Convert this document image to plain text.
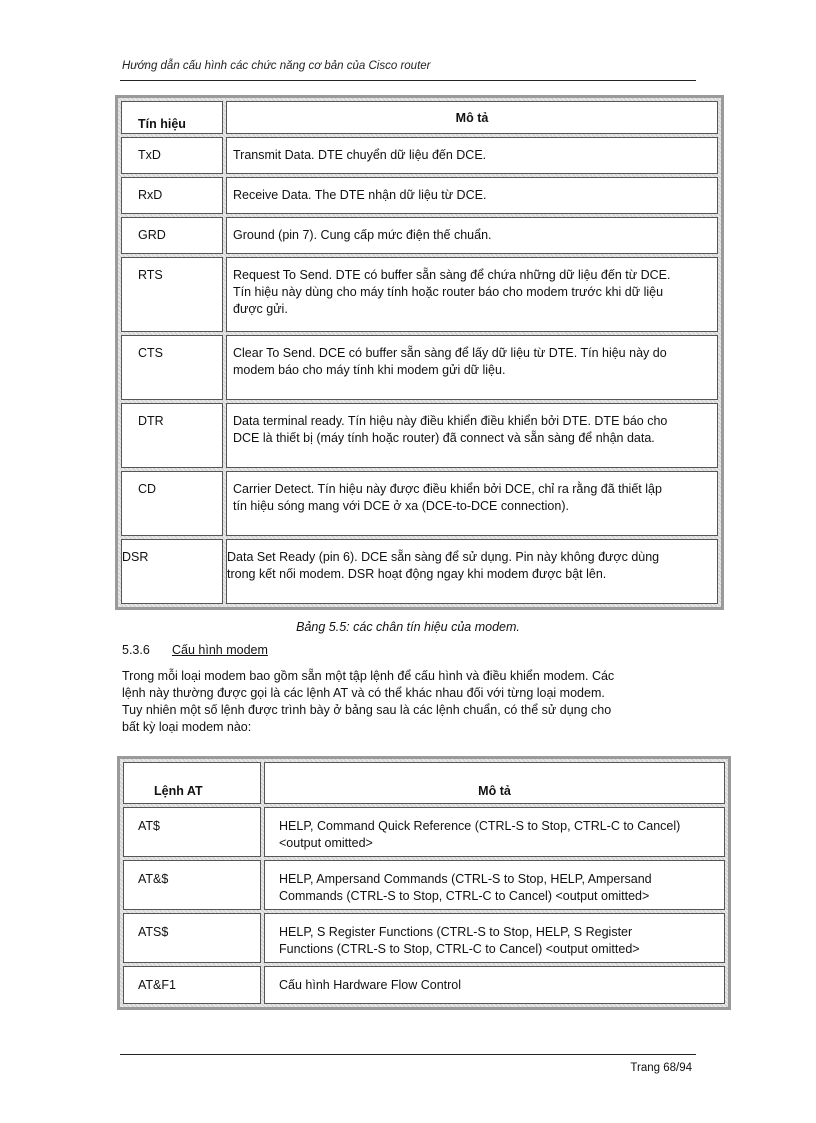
Hướng dẫn cấu hình các chức năng cơ bản của Cisco router
Tín hiệu	Mô tả
TxD	Transmit Data. DTE chuyển dữ liệu đến DCE.

RxD	Receive Data. The DTE nhận dữ liệu từ DCE.

GRD	Ground (pin 7). Cung cấp mức điện thế chuẩn.

RTS	Request To Send. DTE có buffer sẵn sàng để chứa những dữ liệu đến từ DCE.
Tín hiệu này dùng cho máy tính hoặc router báo cho modem trước khi dữ liệu
được gửi.

CTS	Clear To Send. DCE có buffer sẵn sàng để lấy dữ liệu từ DTE. Tín hiệu này do
modem báo cho máy tính khi modem gửi dữ liệu.

DTR	Data terminal ready. Tín hiệu này điều khiển điều khiển bởi DTE. DTE báo cho
DCE là thiết bị (máy tính hoặc router) đã connect và sẵn sàng để nhận data.

CD	Carrier Detect. Tín hiệu này được điều khiển bởi DCE, chỉ ra rằng đã thiết lập
tín hiệu sóng mang với DCE ở xa (DCE-to-DCE connection).

DSR	Data Set Ready (pin 6). DCE sẵn sàng để sử dụng. Pin này không được dùng
trong kết nối modem. DSR hoạt động ngay khi modem được bật lên.
Bảng 5.5: các chân tín hiệu của modem.
5.3.6 Cấu hình modem
Trong mỗi loại modem bao gồm sẵn một tập lệnh để cấu hình và điều khiển modem. Các
lệnh này thường được gọi là các lệnh AT và có thể khác nhau đối với từng loại modem.
Tuy nhiên một số lệnh được trình bày ở bảng sau là các lệnh chuẩn, có thể sử dụng cho
bất kỳ loại modem nào:
Lệnh AT	Mô tả
AT$	HELP, Command Quick Reference (CTRL-S to Stop, CTRL-C to Cancel)
<output omitted>

AT&$	HELP, Ampersand Commands (CTRL-S to Stop, HELP, Ampersand
Commands (CTRL-S to Stop, CTRL-C to Cancel) <output omitted>

ATS$	HELP, S Register Functions (CTRL-S to Stop, HELP, S Register
Functions (CTRL-S to Stop, CTRL-C to Cancel) <output omitted>

AT&F1	Cấu hình Hardware Flow Control
Trang 68/94
